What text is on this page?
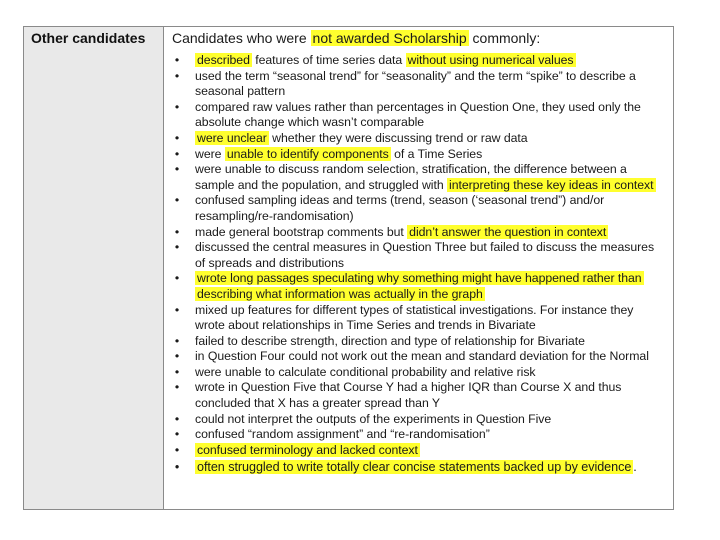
Other candidates	Candidates who were not awarded Scholarship commonly:

• described features of time series data without using numerical values
• used the term “seasonal trend” for “seasonality” and the term “spike” to describe a seasonal pattern
• compared raw values rather than percentages in Question One, they used only the absolute change which wasn’t comparable
• were unclear whether they were discussing trend or raw data
• were unable to identify components of a Time Series
• were unable to discuss random selection, stratification, the difference between a sample and the population, and struggled with interpreting these key ideas in context
• confused sampling ideas and terms (trend, season (‘seasonal trend”) and/or resampling/re-randomisation)
• made general bootstrap comments but didn’t answer the question in context
• discussed the central measures in Question Three but failed to discuss the measures of spreads and distributions
• wrote long passages speculating why something might have happened rather than describing what information was actually in the graph
• mixed up features for different types of statistical investigations. For instance they wrote about relationships in Time Series and trends in Bivariate
• failed to describe strength, direction and type of relationship for Bivariate
• in Question Four could not work out the mean and standard deviation for the Normal
• were unable to calculate conditional probability and relative risk
• wrote in Question Five that Course Y had a higher IQR than Course X and thus concluded that X has a greater spread than Y
• could not interpret the outputs of the experiments in Question Five
• confused “random assignment” and “re-randomisation”
• confused terminology and lacked context
• often struggled to write totally clear concise statements backed up by evidence .
